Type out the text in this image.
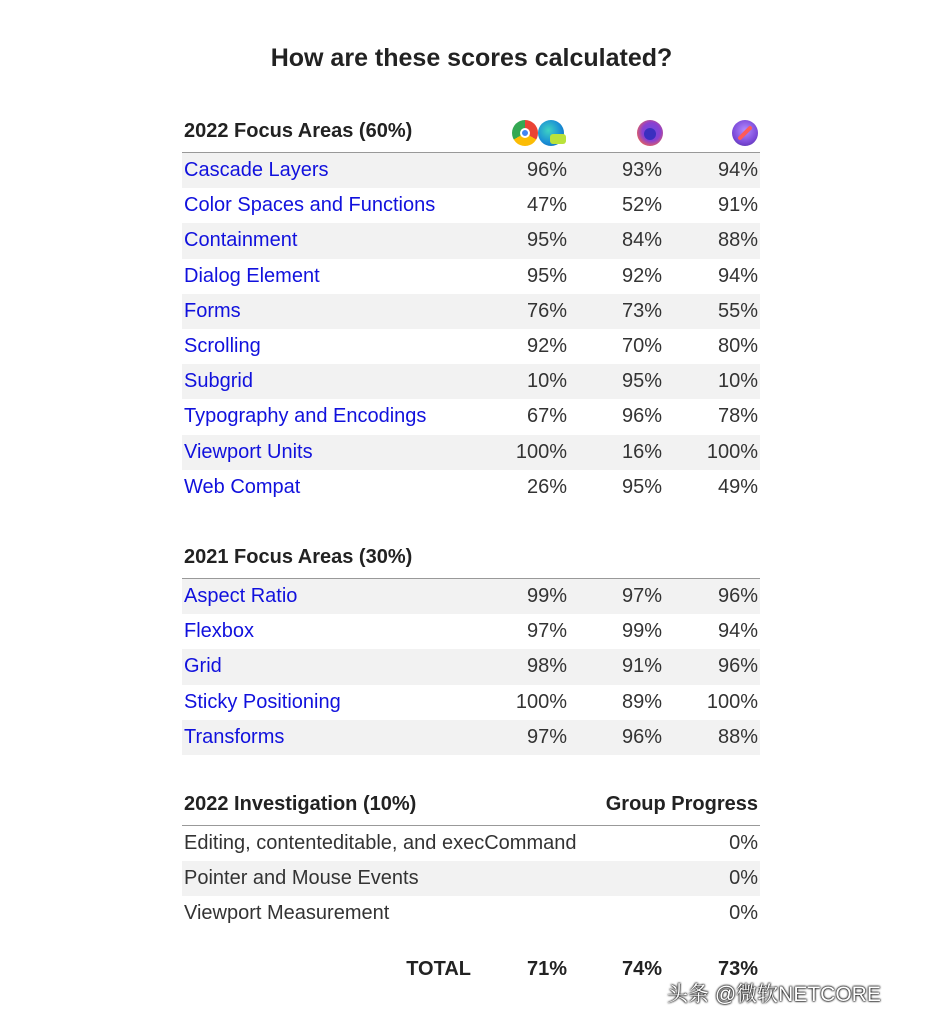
How are these scores calculated?
2022 Focus Areas (60%)
Cascade Layers	96%	93%	94%
Color Spaces and Functions	47%	52%	91%
Containment	95%	84%	88%
Dialog Element	95%	92%	94%
Forms	76%	73%	55%
Scrolling	92%	70%	80%
Subgrid	10%	95%	10%
Typography and Encodings	67%	96%	78%
Viewport Units	100%	16% 100%
Web Compat	26%	95%	49%
2021 Focus Areas (30%)
Aspect Ratio	99%	97%	96%
Flexbox	97%	99%	94%
Grid	98%	91%	96%
Sticky Positioning	100%	89% 100%
Transforms	97%	96%	88%
2022 Investigation (10%)	Group Progress
Editing, contenteditable, and execCommand	0%
Pointer and Mouse Events	0%
Viewport Measurement	0%
TOTAL	71%	74%	73%
头条 @微软NETCORE
